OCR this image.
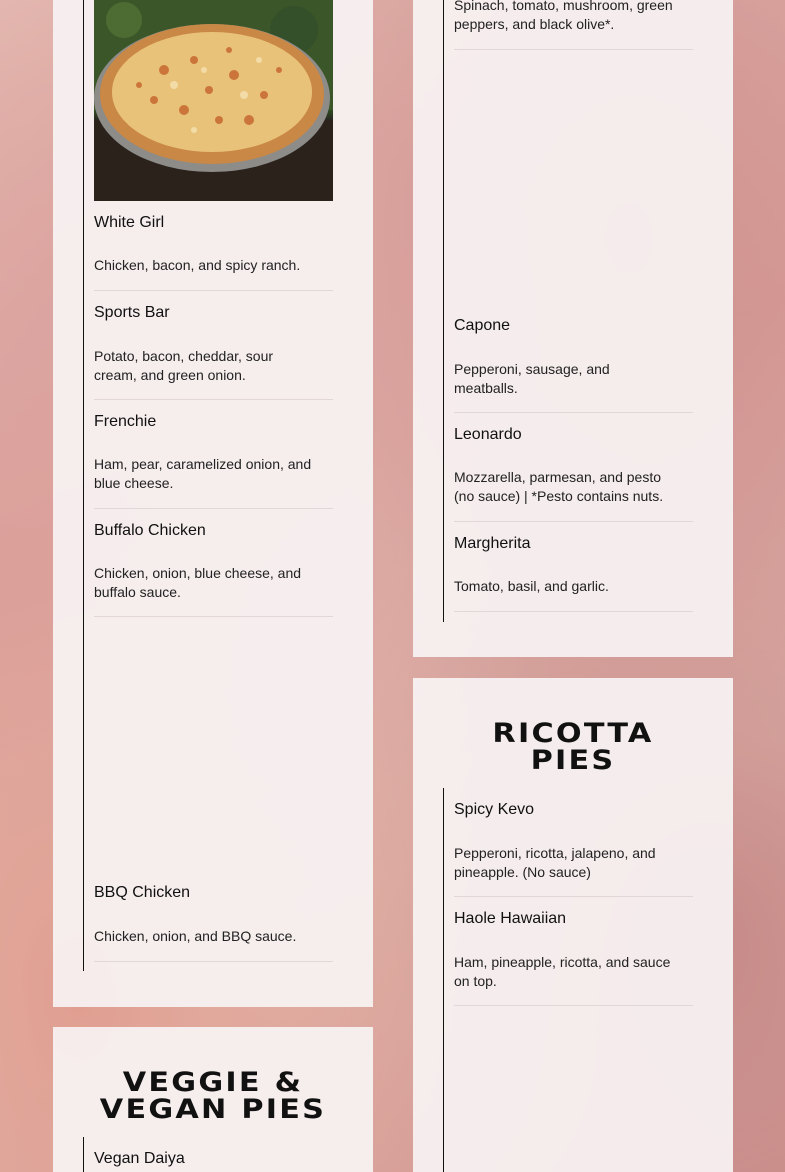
White Girl
Chicken, bacon, and spicy ranch.
Sports Bar
Potato, bacon, cheddar, sour cream, and green onion.
Frenchie
Ham, pear, caramelized onion, and blue cheese.
Buffalo Chicken
Chicken, onion, blue cheese, and buffalo sauce.
BBQ Chicken
Chicken, onion, and BBQ sauce.
Spinach, tomato, mushroom, green peppers, and black olive*.
Capone
Pepperoni, sausage, and meatballs.
Leonardo
Mozzarella, parmesan, and pesto (no sauce) | *Pesto contains nuts.
Margherita
Tomato, basil, and garlic.
RICOTTA
PIES
Spicy Kevo
Pepperoni, ricotta, jalapeno, and pineapple. (No sauce)
Haole Hawaiian
Ham, pineapple, ricotta, and sauce on top.
VEGGIE &
VEGAN PIES
Vegan Daiya
